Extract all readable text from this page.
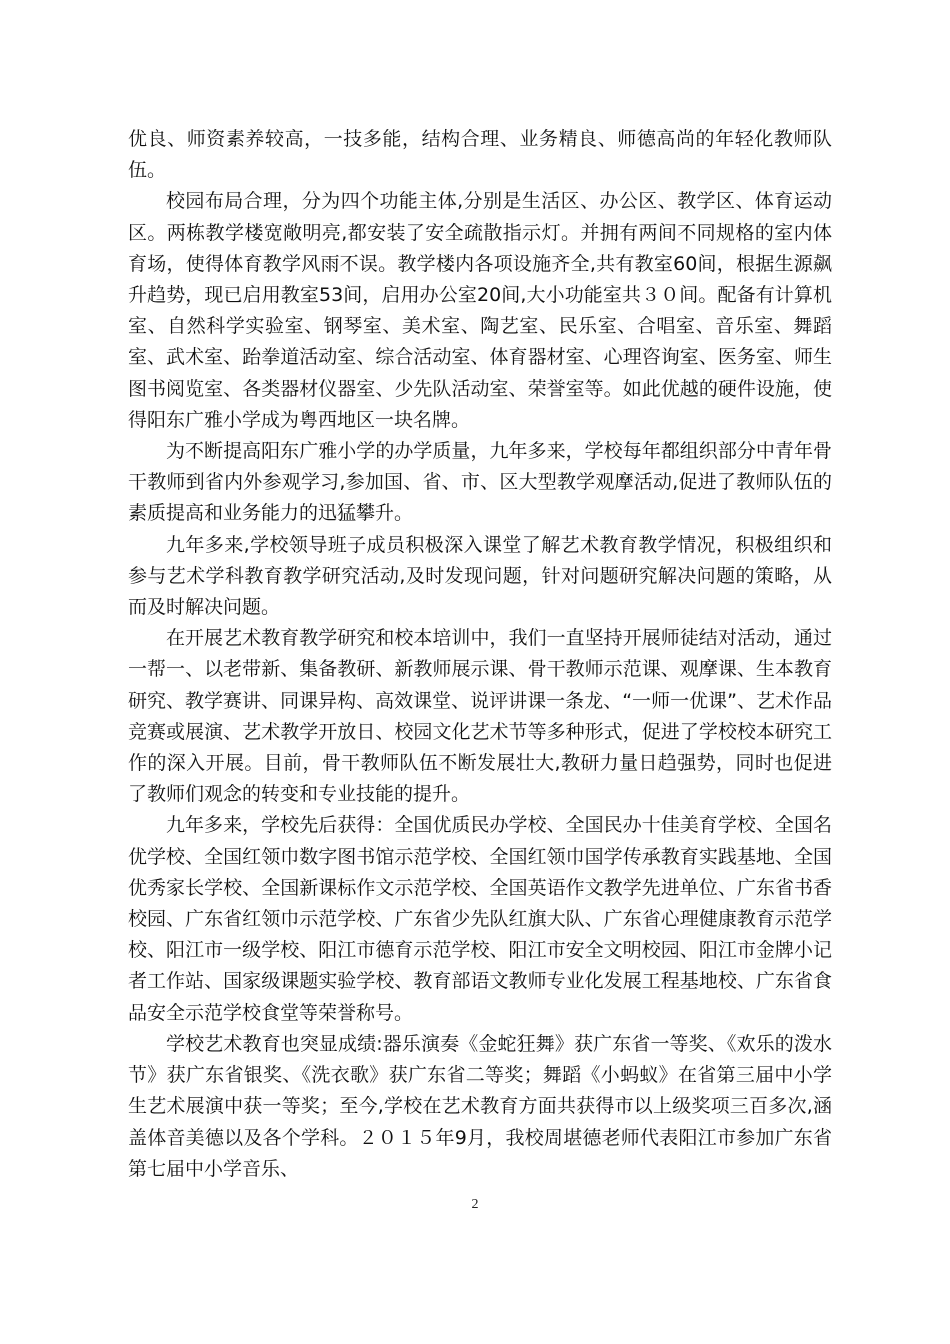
优良、师资素养较高，一技多能，结构合理、业务精良、师德高尚的年轻化教师队伍。

校园布局合理，分为四个功能主体,分别是生活区、办公区、教学区、体育运动区。两栋教学楼宽敞明亮,都安装了安全疏散指示灯。并拥有两间不同规格的室内体育场，使得体育教学风雨不误。教学楼内各项设施齐全,共有教室60间，根据生源飙升趋势，现已启用教室53间，启用办公室20间,大小功能室共３０间。配备有计算机室、自然科学实验室、钢琴室、美术室、陶艺室、民乐室、合唱室、音乐室、舞蹈室、武术室、跆拳道活动室、综合活动室、体育器材室、心理咨询室、医务室、师生图书阅览室、各类器材仪器室、少先队活动室、荣誉室等。如此优越的硬件设施，使得阳东广雅小学成为粤西地区一块名牌。

为不断提高阳东广雅小学的办学质量，九年多来，学校每年都组织部分中青年骨干教师到省内外参观学习,参加国、省、市、区大型教学观摩活动,促进了教师队伍的素质提高和业务能力的迅猛攀升。

九年多来,学校领导班子成员积极深入课堂了解艺术教育教学情况，积极组织和参与艺术学科教育教学研究活动,及时发现问题，针对问题研究解决问题的策略，从而及时解决问题。

在开展艺术教育教学研究和校本培训中，我们一直坚持开展师徒结对活动，通过一帮一、以老带新、集备教研、新教师展示课、骨干教师示范课、观摩课、生本教育研究、教学赛讲、同课异构、高效课堂、说评讲课一条龙、“一师一优课”、艺术作品竞赛或展演、艺术教学开放日、校园文化艺术节等多种形式，促进了学校校本研究工作的深入开展。目前，骨干教师队伍不断发展壮大,教研力量日趋强势，同时也促进了教师们观念的转变和专业技能的提升。

九年多来，学校先后获得：全国优质民办学校、全国民办十佳美育学校、全国名优学校、全国红领巾数字图书馆示范学校、全国红领巾国学传承教育实践基地、全国优秀家长学校、全国新课标作文示范学校、全国英语作文教学先进单位、广东省书香校园、广东省红领巾示范学校、广东省少先队红旗大队、广东省心理健康教育示范学校、阳江市一级学校、阳江市德育示范学校、阳江市安全文明校园、阳江市金牌小记者工作站、国家级课题实验学校、教育部语文教师专业化发展工程基地校、广东省食品安全示范学校食堂等荣誉称号。

学校艺术教育也突显成绩:器乐演奏《金蛇狂舞》获广东省一等奖、《欢乐的泼水节》获广东省银奖、《洗衣歌》获广东省二等奖；舞蹈《小蚂蚁》在省第三届中小学生艺术展演中获一等奖；至今,学校在艺术教育方面共获得市以上级奖项三百多次,涵盖体音美德以及各个学科。２０１５年9月，我校周堪德老师代表阳江市参加广东省第七届中小学音乐、

2
